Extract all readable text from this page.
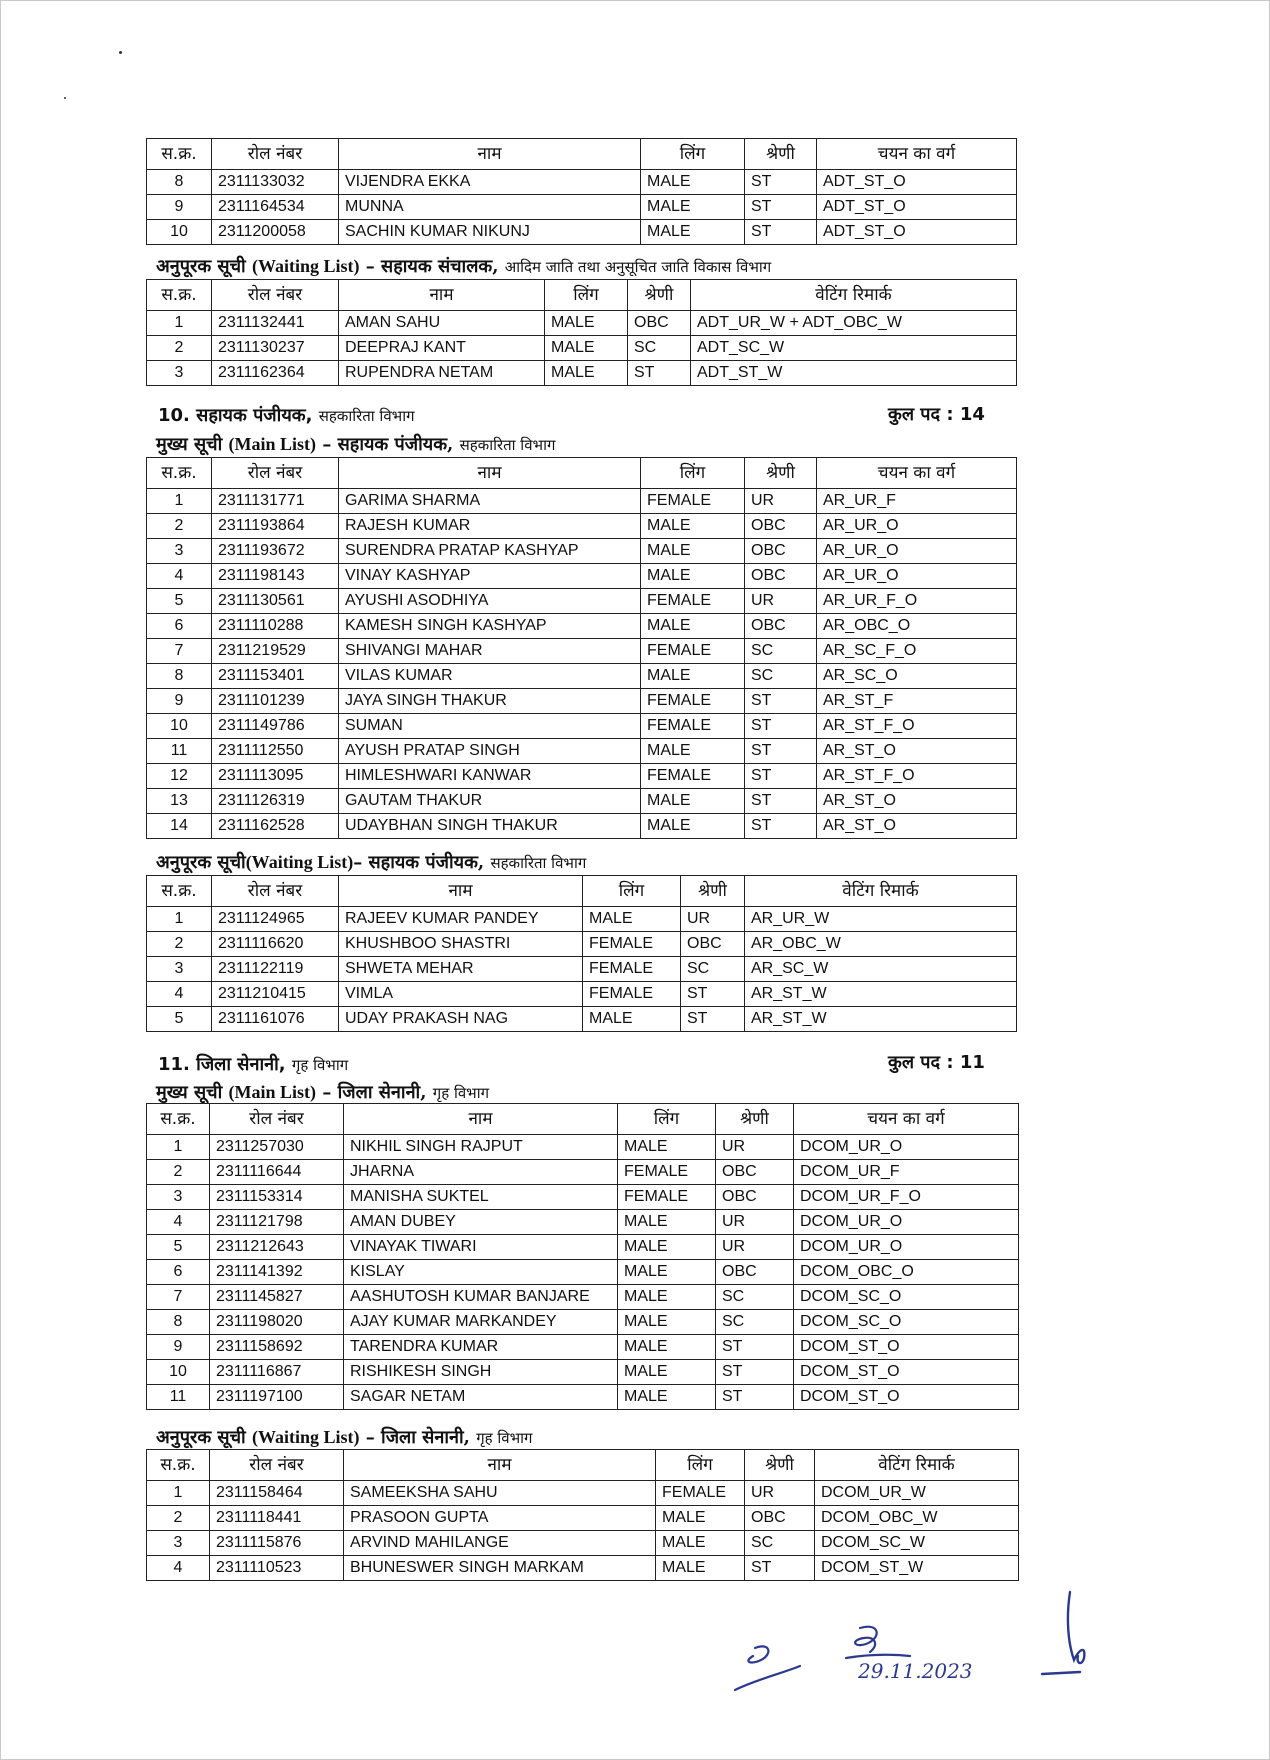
स.क्र.	रोल नंबर	नाम	लिंग	श्रेणी	चयन का वर्ग
8	2311133032	VIJENDRA EKKA	MALE	ST	ADT_ST_O
9	2311164534	MUNNA	MALE	ST	ADT_ST_O
10	2311200058	SACHIN KUMAR NIKUNJ	MALE	ST	ADT_ST_O
अनुपूरक सूची (Waiting List) – सहायक संचालक, आदिम जाति तथा अनुसूचित जाति विकास विभाग
स.क्र.	रोल नंबर	नाम	लिंग	श्रेणी	वेटिंग रिमार्क
1	2311132441	AMAN SAHU	MALE	OBC	ADT_UR_W + ADT_OBC_W
2	2311130237	DEEPRAJ KANT	MALE	SC	ADT_SC_W
3	2311162364	RUPENDRA NETAM	MALE	ST	ADT_ST_W
10. सहायक पंजीयक, सहकारिता विभाग	कुल पद : 14
मुख्य सूची (Main List) – सहायक पंजीयक, सहकारिता विभाग
स.क्र.	रोल नंबर	नाम	लिंग	श्रेणी	चयन का वर्ग
1	2311131771	GARIMA SHARMA	FEMALE	UR	AR_UR_F
2	2311193864	RAJESH KUMAR	MALE	OBC	AR_UR_O
3	2311193672	SURENDRA PRATAP KASHYAP	MALE	OBC	AR_UR_O
4	2311198143	VINAY KASHYAP	MALE	OBC	AR_UR_O
5	2311130561	AYUSHI ASODHIYA	FEMALE	UR	AR_UR_F_O
6	2311110288	KAMESH SINGH KASHYAP	MALE	OBC	AR_OBC_O
7	2311219529	SHIVANGI MAHAR	FEMALE	SC	AR_SC_F_O
8	2311153401	VILAS KUMAR	MALE	SC	AR_SC_O
9	2311101239	JAYA SINGH THAKUR	FEMALE	ST	AR_ST_F
10	2311149786	SUMAN	FEMALE	ST	AR_ST_F_O
11	2311112550	AYUSH PRATAP SINGH	MALE	ST	AR_ST_O
12	2311113095	HIMLESHWARI KANWAR	FEMALE	ST	AR_ST_F_O
13	2311126319	GAUTAM THAKUR	MALE	ST	AR_ST_O
14	2311162528	UDAYBHAN SINGH THAKUR	MALE	ST	AR_ST_O
अनुपूरक सूची(Waiting List)– सहायक पंजीयक, सहकारिता विभाग
स.क्र.	रोल नंबर	नाम	लिंग	श्रेणी	वेटिंग रिमार्क
1	2311124965	RAJEEV KUMAR PANDEY	MALE	UR	AR_UR_W
2	2311116620	KHUSHBOO SHASTRI	FEMALE	OBC	AR_OBC_W
3	2311122119	SHWETA MEHAR	FEMALE	SC	AR_SC_W
4	2311210415	VIMLA	FEMALE	ST	AR_ST_W
5	2311161076	UDAY PRAKASH NAG	MALE	ST	AR_ST_W
11. जिला सेनानी, गृह विभाग	कुल पद : 11
मुख्य सूची (Main List) – जिला सेनानी, गृह विभाग
स.क्र.	रोल नंबर	नाम	लिंग	श्रेणी	चयन का वर्ग
1	2311257030	NIKHIL SINGH RAJPUT	MALE	UR	DCOM_UR_O
2	2311116644	JHARNA	FEMALE	OBC	DCOM_UR_F
3	2311153314	MANISHA SUKTEL	FEMALE	OBC	DCOM_UR_F_O
4	2311121798	AMAN DUBEY	MALE	UR	DCOM_UR_O
5	2311212643	VINAYAK TIWARI	MALE	UR	DCOM_UR_O
6	2311141392	KISLAY	MALE	OBC	DCOM_OBC_O
7	2311145827	AASHUTOSH KUMAR BANJARE	MALE	SC	DCOM_SC_O
8	2311198020	AJAY KUMAR MARKANDEY	MALE	SC	DCOM_SC_O
9	2311158692	TARENDRA KUMAR	MALE	ST	DCOM_ST_O
10	2311116867	RISHIKESH SINGH	MALE	ST	DCOM_ST_O
11	2311197100	SAGAR NETAM	MALE	ST	DCOM_ST_O
अनुपूरक सूची (Waiting List) – जिला सेनानी, गृह विभाग
स.क्र.	रोल नंबर	नाम	लिंग	श्रेणी	वेटिंग रिमार्क
1	2311158464	SAMEEKSHA SAHU	FEMALE	UR	DCOM_UR_W
2	2311118441	PRASOON GUPTA	MALE	OBC	DCOM_OBC_W
3	2311115876	ARVIND MAHILANGE	MALE	SC	DCOM_SC_W
4	2311110523	BHUNESWER SINGH MARKAM	MALE	ST	DCOM_ST_W
29.11.2023
